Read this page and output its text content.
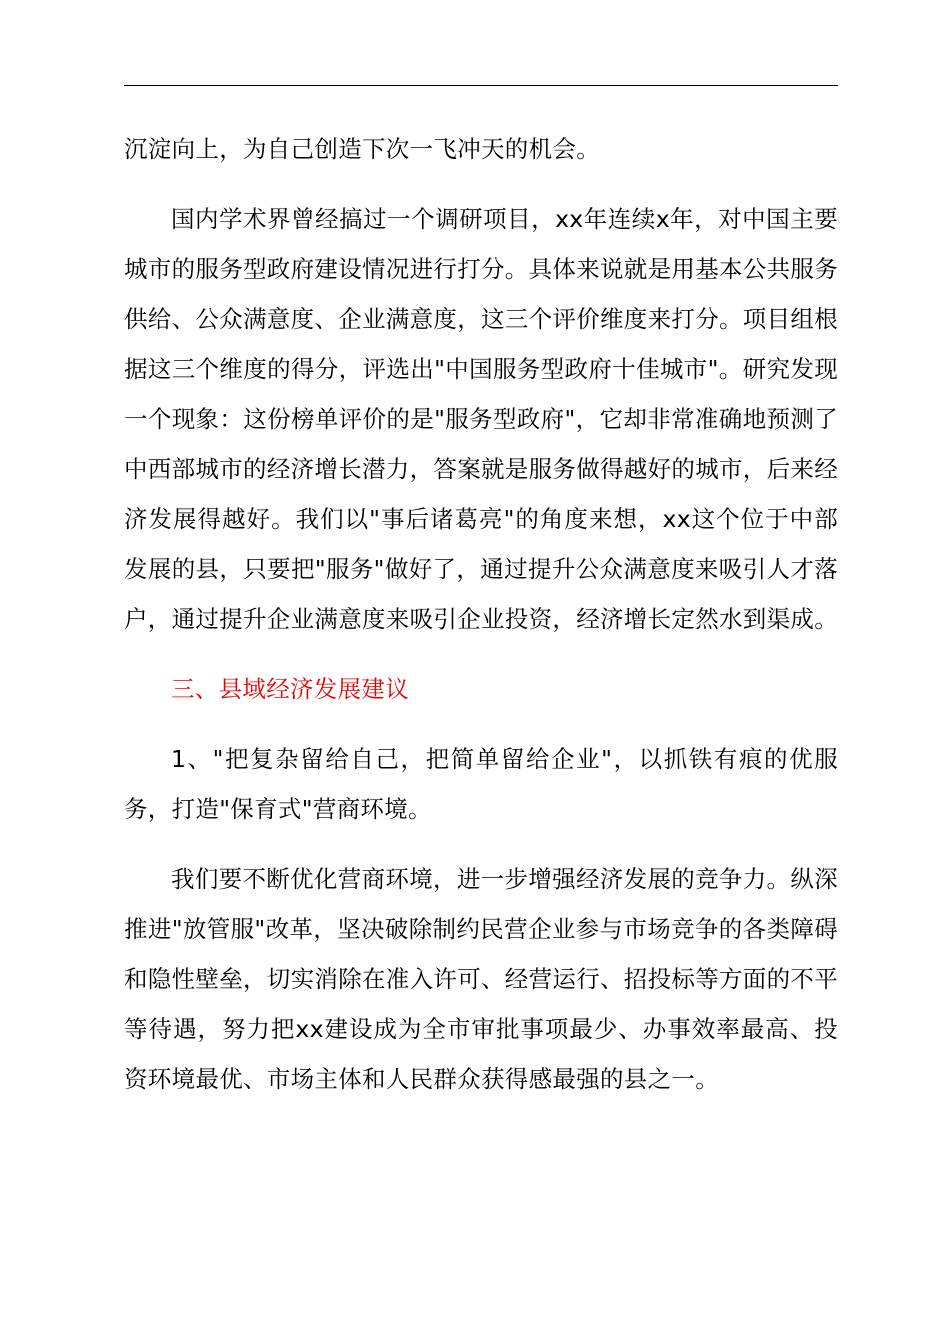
沉淀向上，为自己创造下次一飞冲天的机会。

国内学术界曾经搞过一个调研项目，xx年连续x年，对中国主要城市的服务型政府建设情况进行打分。具体来说就是用基本公共服务供给、公众满意度、企业满意度，这三个评价维度来打分。项目组根据这三个维度的得分，评选出"中国服务型政府十佳城市"。研究发现一个现象：这份榜单评价的是"服务型政府"，它却非常准确地预测了中西部城市的经济增长潜力，答案就是服务做得越好的城市，后来经济发展得越好。我们以"事后诸葛亮"的角度来想，xx这个位于中部发展的县，只要把"服务"做好了，通过提升公众满意度来吸引人才落户，通过提升企业满意度来吸引企业投资，经济增长定然水到渠成。

三、县域经济发展建议

1、"把复杂留给自己，把简单留给企业"，以抓铁有痕的优服务，打造"保育式"营商环境。

我们要不断优化营商环境，进一步增强经济发展的竞争力。纵深推进"放管服"改革，坚决破除制约民营企业参与市场竞争的各类障碍和隐性壁垒，切实消除在准入许可、经营运行、招投标等方面的不平等待遇，努力把xx建设成为全市审批事项最少、办事效率最高、投资环境最优、市场主体和人民群众获得感最强的县之一。
